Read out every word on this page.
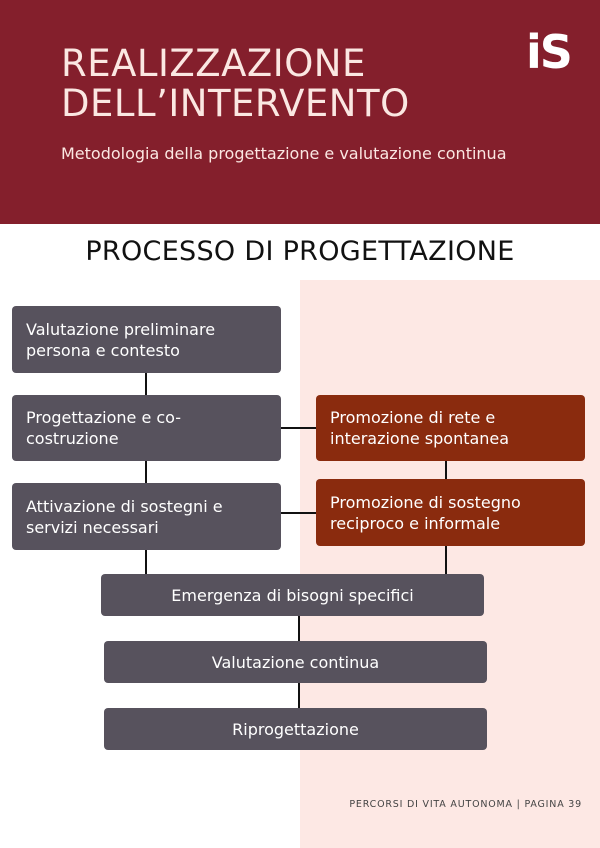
REALIZZAZIONE DELL’INTERVENTO
Metodologia della progettazione e valutazione continua
iS
PROCESSO DI PROGETTAZIONE
Valutazione preliminare persona e contesto
Progettazione e co-costruzione
Attivazione di sostegni e servizi necessari
Promozione di rete e interazione spontanea
Promozione di sostegno reciproco e informale
Emergenza di bisogni specifici
Valutazione continua
Riprogettazione
PERCORSI DI VITA AUTONOMA | PAGINA 39
